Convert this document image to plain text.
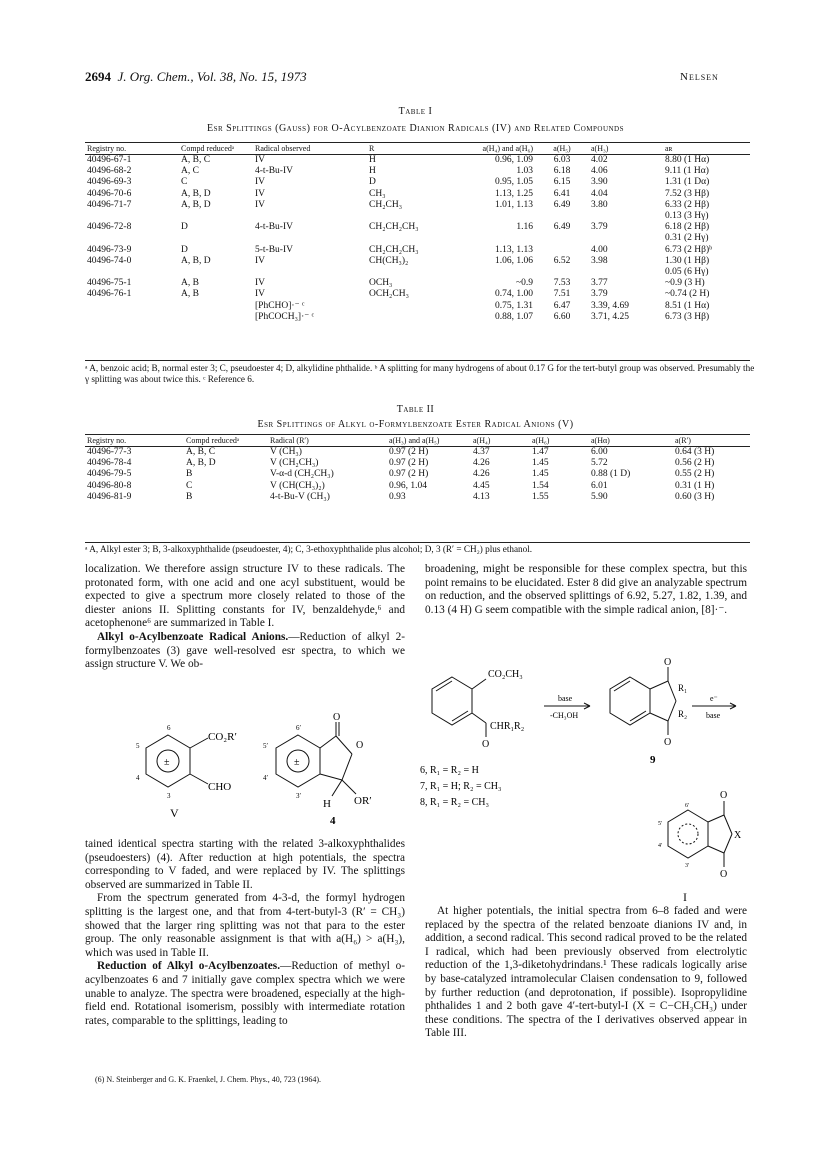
2694 J. Org. Chem., Vol. 38, No. 15, 1973	Nelsen
Table I
Esr Splittings (Gauss) for O-Acylbenzoate Dianion Radicals (IV) and Related Compounds
Registry no.	Compd reducedᵃ	Radical observed	R	a(H₄) and a(H₆)	a(H₅)	a(H₃)	aʀ
40496-67-1	A, B, C	IV	H	0.96, 1.09	6.03	4.02	8.80 (1 Hα)
40496-68-2	A, C	4-t-Bu-IV	H	1.03	6.18	4.06	9.11 (1 Hα)
40496-69-3	C	IV	D	0.95, 1.05	6.15	3.90	1.31 (1 Dα)
40496-70-6	A, B, D	IV	CH₃	1.13, 1.25	6.41	4.04	7.52 (3 Hβ)
40496-71-7	A, B, D	IV	CH₂CH₃	1.01, 1.13	6.49	3.80	6.33 (2 Hβ)
							0.13 (3 Hγ)
40496-72-8	D	4-t-Bu-IV	CH₂CH₂CH₃	1.16	6.49	3.79	6.18 (2 Hβ)
							0.31 (2 Hγ)
40496-73-9	D	5-t-Bu-IV	CH₂CH₂CH₃	1.13, 1.13		4.00	6.73 (2 Hβ)ᵇ
40496-74-0	A, B, D	IV	CH(CH₃)₂	1.06, 1.06	6.52	3.98	1.30 (1 Hβ)
							0.05 (6 Hγ)
40496-75-1	A, B	IV	OCH₃	~0.9	7.53	3.77	~0.9 (3 H)
40496-76-1	A, B	IV	OCH₂CH₃	0.74, 1.00	7.51	3.79	~0.74 (2 H)
		[PhCHO]·⁻ ᶜ		0.75, 1.31	6.47	3.39, 4.69	8.51 (1 Hα)
		[PhCOCH₃]·⁻ ᶜ		0.88, 1.07	6.60	3.71, 4.25	6.73 (3 Hβ)
ᵃ A, benzoic acid; B, normal ester 3; C, pseudoester 4; D, alkylidine phthalide. ᵇ A splitting for many hydrogens of about 0.17 G for the tert-butyl group was observed. Presumably the γ splitting was about twice this. ᶜ Reference 6.
Table II
Esr Splittings of Alkyl o-Formylbenzoate Ester Radical Anions (V)
Registry no.	Compd reducedᵃ	Radical (R′)	a(H₃) and a(H₅)	a(H₄)	a(H₆)	a(Hα)	a(R′)
40496-77-3	A, B, C	V (CH₃)	0.97 (2 H)	4.37	1.47	6.00	0.64 (3 H)
40496-78-4	A, B, D	V (CH₂CH₃)	0.97 (2 H)	4.26	1.45	5.72	0.56 (2 H)
40496-79-5	B	V-α-d (CH₂CH₃)	0.97 (2 H)	4.26	1.45	0.88 (1 D)	0.55 (2 H)
40496-80-8	C	V (CH(CH₃)₂)	0.96, 1.04	4.45	1.54	6.01	0.31 (1 H)
40496-81-9	B	4-t-Bu-V (CH₃)	0.93	4.13	1.55	5.90	0.60 (3 H)
ᵃ A, Alkyl ester 3; B, 3-alkoxyphthalide (pseudoester, 4); C, 3-ethoxyphthalide plus alcohol; D, 3 (R′ = CH₂) plus ethanol.

localization. We therefore assign structure IV to these radicals. The protonated form, with one acid and one acyl substituent, would be expected to give a spectrum more closely related to those of the diester anions II. Splitting constants for IV, benzaldehyde,⁶ and acetophenone⁶ are summarized in Table I.

Alkyl o-Acylbenzoate Radical Anions.—Reduction of alkyl 2-formylbenzoates (3) gave well-resolved esr spectra, to which we assign structure V. We ob-

±	±
CO₂R′
CHO
V
O
O
H OR′
4
6
5
4
3
6′
5′
4′
3′

tained identical spectra starting with the related 3-alkoxyphthalides (pseudoesters) (4). After reduction at high potentials, the spectra corresponding to V faded, and were replaced by IV. The splittings observed are summarized in Table II.

From the spectrum generated from 4-3-d, the formyl hydrogen splitting is the largest one, and that from 4-tert-butyl-3 (R′ = CH₃) showed that the larger ring splitting was not that para to the ester group. The only reasonable assignment is that with a(H₆) > a(H₃), which was used in Table II.

Reduction of Alkyl o-Acylbenzoates.—Reduction of methyl o-acylbenzoates 6 and 7 initially gave complex spectra which we were unable to analyze. The spectra were broadened, especially at the high-field end. Rotational isomerism, possibly with intermediate rotation rates, comparable to the splittings, leading to

(6) N. Steinberger and G. K. Fraenkel, J. Chem. Phys., 40, 723 (1964).

broadening, might be responsible for these complex spectra, but this point remains to be elucidated. Ester 8 did give an analyzable spectrum on reduction, and the observed splittings of 6.92, 5.27, 1.82, 1.39, and 0.13 (4 H) G seem compatible with the simple radical anion, [8]·⁻.

CO₂CH₃
CHR₁R₂
O
base
-CH₃OH
O
O
R₁
R₂
9
e⁻
base
6, R₁ = R₂ = H
7, R₁ = H; R₂ = CH₃
8, R₁ = R₂ = CH₃
O
O
X
6′
5′
4′
3′
I

At higher potentials, the initial spectra from 6–8 faded and were replaced by the spectra of the related benzoate dianions IV and, in addition, a second radical. This second radical proved to be the related I radical, which had been previously observed from electrolytic reduction of the 1,3-diketohydrindans.¹ These radicals logically arise by base-catalyzed intramolecular Claisen condensation to 9, followed by further reduction (and deprotonation, if possible). Isopropylidine phthalides 1 and 2 both gave 4′-tert-butyl-I (X = C−CH₃CH₃) under these conditions. The spectra of the I derivatives observed appear in Table III.
